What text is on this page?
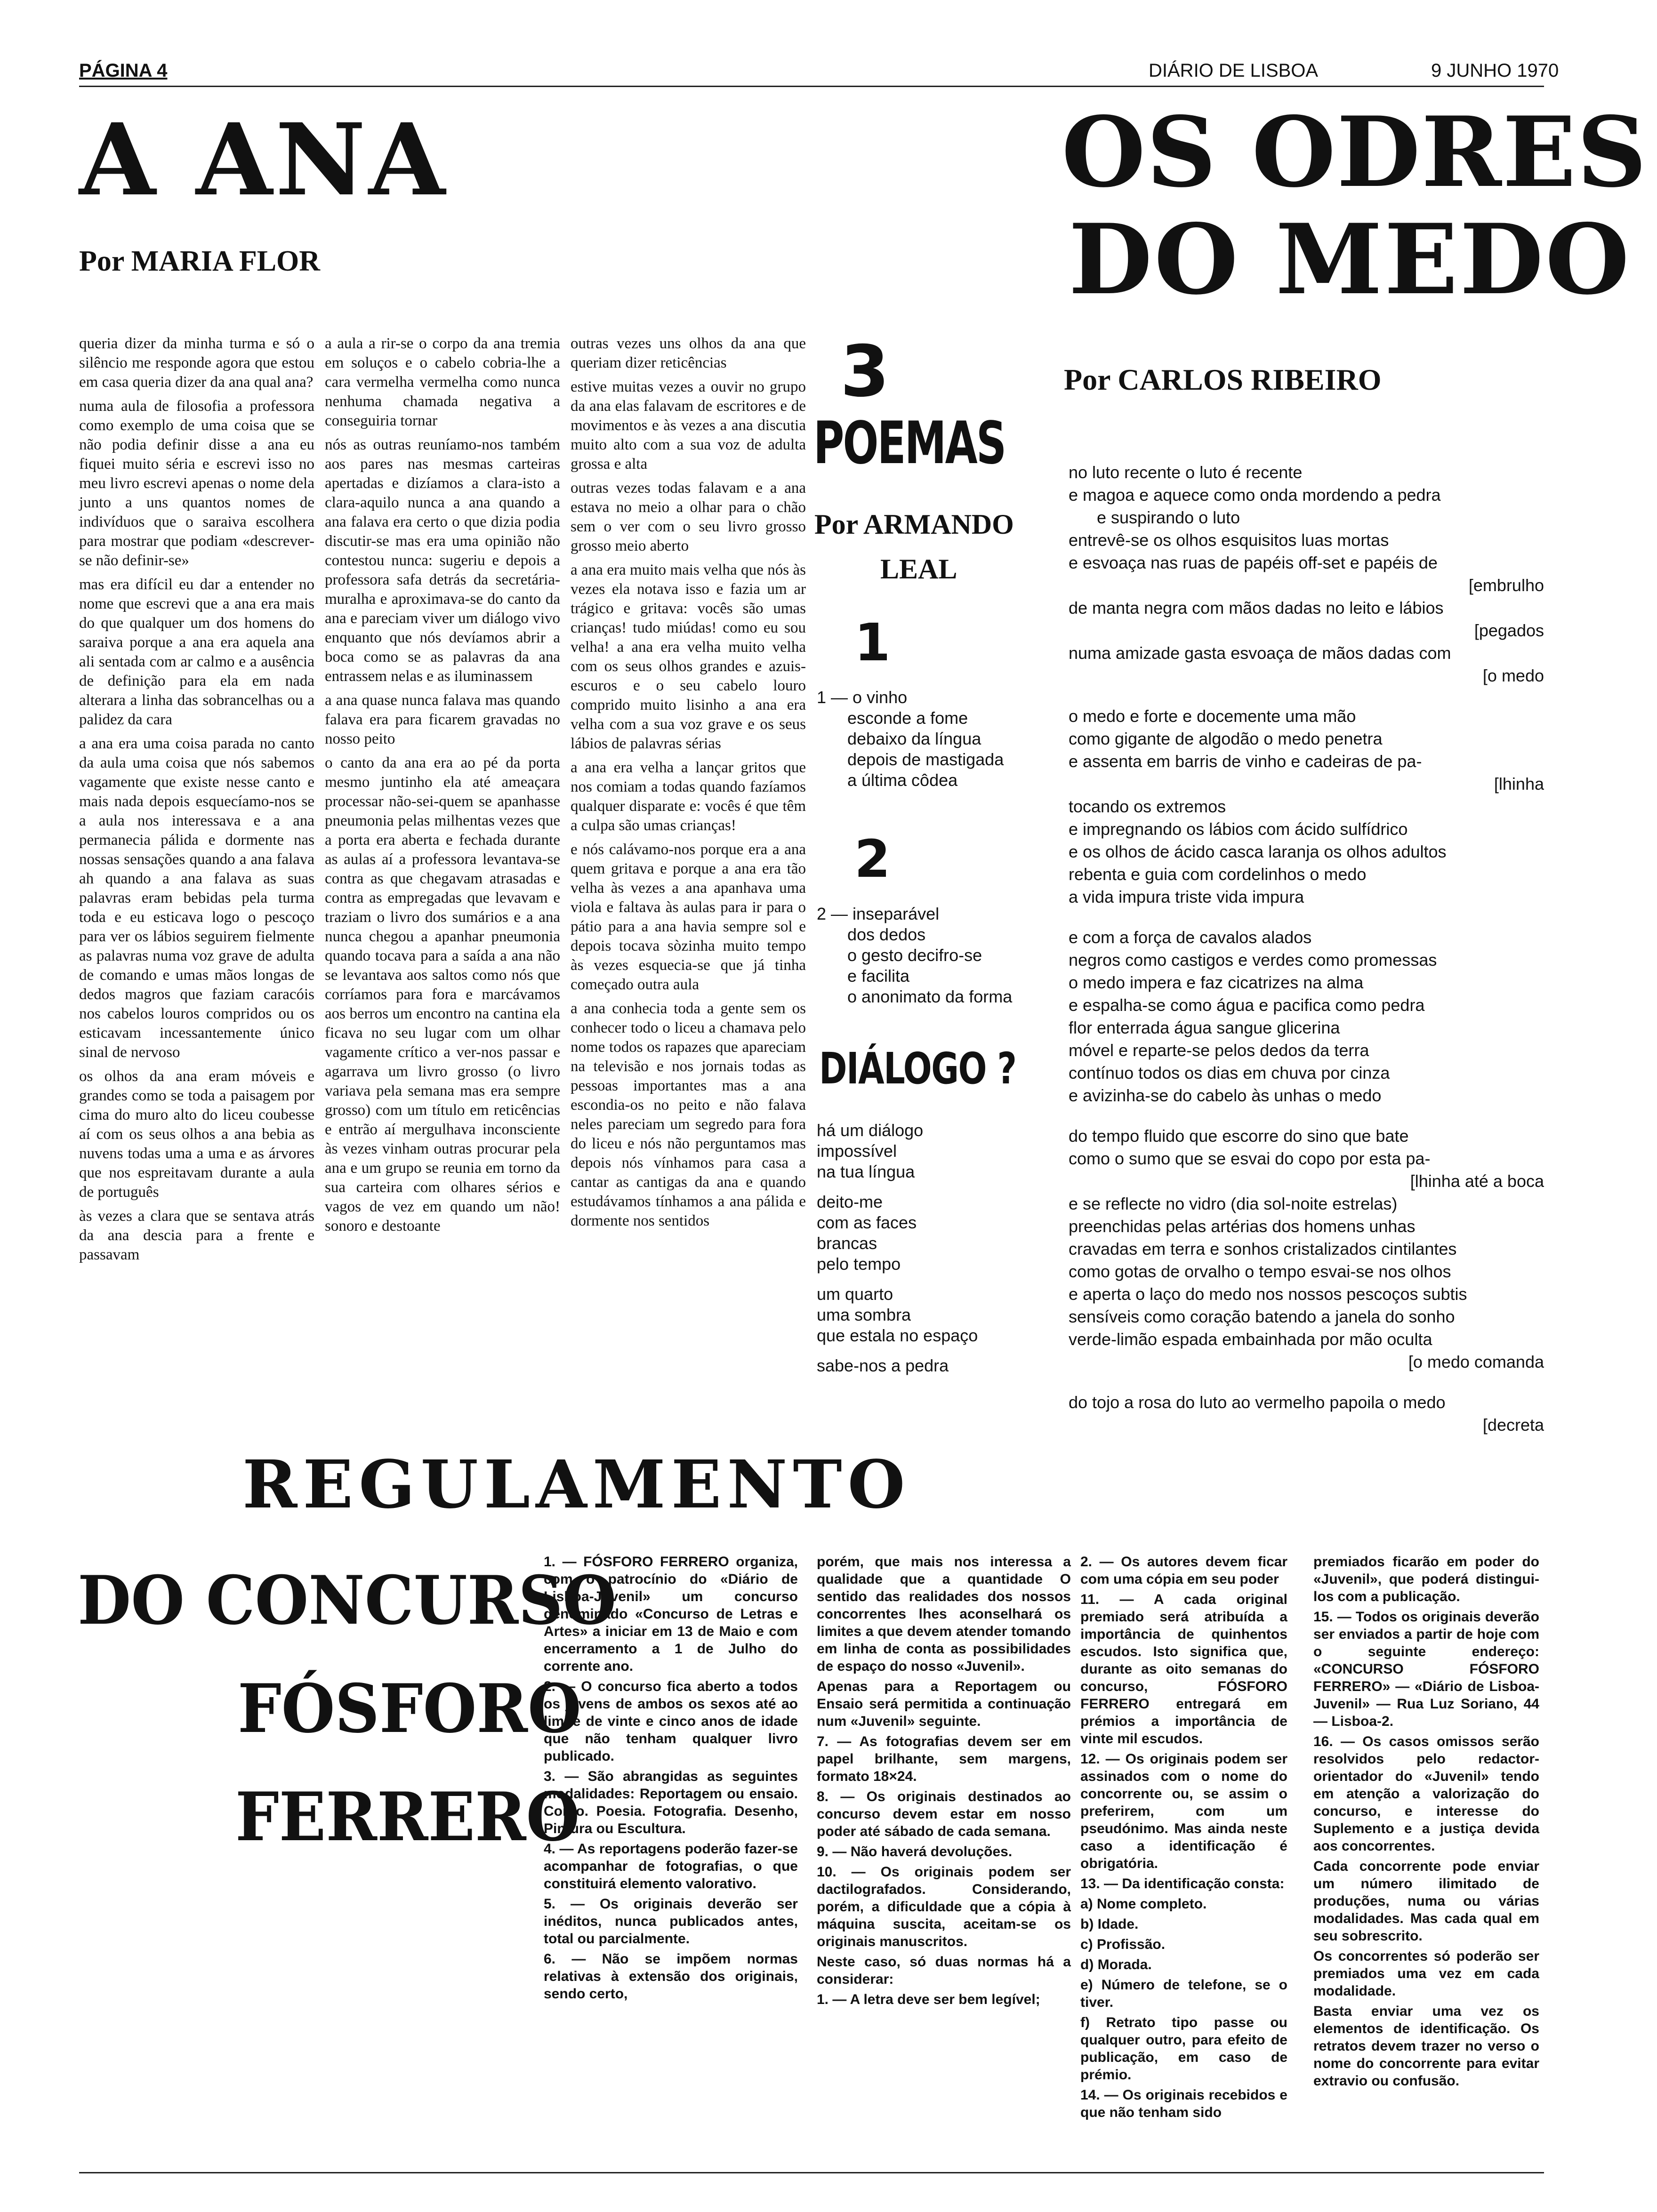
PÁGINA 4	DIÁRIO DE LISBOA	9 JUNHO 1970
A ANA
Por MARIA FLOR

queria dizer da minha turma e só o silêncio me responde agora que estou em casa queria dizer da ana qual ana?

numa aula de filosofia a professora como exemplo de uma coisa que se não podia definir disse a ana eu fiquei muito séria e escrevi isso no meu livro escrevi apenas o nome dela junto a uns quantos nomes de indivíduos que o saraiva escolhera para mostrar que podiam «descrever-se não definir-se»

mas era difícil eu dar a entender no nome que escrevi que a ana era mais do que qualquer um dos homens do saraiva porque a ana era aquela ana ali sentada com ar calmo e a ausência de definição para ela em nada alterara a linha das sobrancelhas ou a palidez da cara

a ana era uma coisa parada no canto da aula uma coisa que nós sabemos vagamente que existe nesse canto e mais nada depois esquecíamo-nos se a aula nos interessava e a ana permanecia pálida e dormente nas nossas sensações quando a ana falava ah quando a ana falava as suas palavras eram bebidas pela turma toda e eu esticava logo o pescoço para ver os lábios seguirem fielmente as palavras numa voz grave de adulta de comando e umas mãos longas de dedos magros que faziam caracóis nos cabelos louros compridos ou os esticavam incessantemente único sinal de nervoso

os olhos da ana eram móveis e grandes como se toda a paisagem por cima do muro alto do liceu coubesse aí com os seus olhos a ana bebia as nuvens todas uma a uma e as árvores que nos espreitavam durante a aula de português

às vezes a clara que se sentava atrás da ana descia para a frente e passavam

a aula a rir-se o corpo da ana tremia em soluços e o cabelo cobria-lhe a cara vermelha vermelha como nunca nenhuma chamada negativa a conseguiria tornar

nós as outras reuníamo-nos também aos pares nas mesmas carteiras apertadas e dizíamos a clara-isto a clara-aquilo nunca a ana quando a ana falava era certo o que dizia podia discutir-se mas era uma opinião não contestou nunca: sugeriu e depois a professora safa detrás da secretária-muralha e aproximava-se do canto da ana e pareciam viver um diálogo vivo enquanto que nós devíamos abrir a boca como se as palavras da ana entrassem nelas e as iluminassem

a ana quase nunca falava mas quando falava era para ficarem gravadas no nosso peito

o canto da ana era ao pé da porta mesmo juntinho ela até ameaçara processar não-sei-quem se apanhasse pneumonia pelas milhentas vezes que a porta era aberta e fechada durante as aulas aí a professora levantava-se contra as que chegavam atrasadas e contra as empregadas que levavam e traziam o livro dos sumários e a ana nunca chegou a apanhar pneumonia quando tocava para a saída a ana não se levantava aos saltos como nós que corríamos para fora e marcávamos aos berros um encontro na cantina ela ficava no seu lugar com um olhar vagamente crítico a ver-nos passar e agarrava um livro grosso (o livro variava pela semana mas era sempre grosso) com um título em reticências e entrão aí mergulhava inconsciente às vezes vinham outras procurar pela ana e um grupo se reunia em torno da sua carteira com olhares sérios e vagos de vez em quando um não! sonoro e destoante

outras vezes uns olhos da ana que queriam dizer reticências

estive muitas vezes a ouvir no grupo da ana elas falavam de escritores e de movimentos e às vezes a ana discutia muito alto com a sua voz de adulta grossa e alta

outras vezes todas falavam e a ana estava no meio a olhar para o chão sem o ver com o seu livro grosso grosso meio aberto

a ana era muito mais velha que nós às vezes ela notava isso e fazia um ar trágico e gritava: vocês são umas crianças! tudo miúdas! como eu sou velha! a ana era velha muito velha com os seus olhos grandes e azuis-escuros e o seu cabelo louro comprido muito lisinho a ana era velha com a sua voz grave e os seus lábios de palavras sérias

a ana era velha a lançar gritos que nos comiam a todas quando fazíamos qualquer disparate e: vocês é que têm a culpa são umas crianças!

e nós calávamo-nos porque era a ana quem gritava e porque a ana era tão velha às vezes a ana apanhava uma viola e faltava às aulas para ir para o pátio para a ana havia sempre sol e depois tocava sòzinha muito tempo às vezes esquecia-se que já tinha começado outra aula

a ana conhecia toda a gente sem os conhecer todo o liceu a chamava pelo nome todos os rapazes que apareciam na televisão e nos jornais todas as pessoas importantes mas a ana escondia-os no peito e não falava neles pareciam um segredo para fora do liceu e nós não perguntamos mas depois nós vínhamos para casa a cantar as cantigas da ana e quando estudávamos tínhamos a ana pálida e dormente nos sentidos

3
POEMAS
Por ARMANDO
LEAL
1
1 — o vinho
esconde a fome
debaixo da língua
depois de mastigada
a última côdea
2
2 — inseparável
dos dedos
o gesto decifro-se
e facilita
o anonimato da forma
DIÁLOGO ?
há um diálogo
impossível
na tua língua
deito-me
com as faces
brancas
pelo tempo
um quarto
uma sombra
que estala no espaço
sabe-nos a pedra
OS ODRES
DO MEDO
Por CARLOS RIBEIRO
no luto recente o luto é recente
e magoa e aquece como onda mordendo a pedra
e suspirando o luto
entrevê-se os olhos esquisitos luas mortas
e esvoaça nas ruas de papéis off-set e papéis de
[embrulho
de manta negra com mãos dadas no leito e lábios
[pegados
numa amizade gasta esvoaça de mãos dadas com
[o medo
o medo e forte e docemente uma mão
como gigante de algodão o medo penetra
e assenta em barris de vinho e cadeiras de pa-
[lhinha
tocando os extremos
e impregnando os lábios com ácido sulfídrico
e os olhos de ácido casca laranja os olhos adultos
rebenta e guia com cordelinhos o medo
a vida impura triste vida impura
e com a força de cavalos alados
negros como castigos e verdes como promessas
o medo impera e faz cicatrizes na alma
e espalha-se como água e pacifica como pedra
flor enterrada água sangue glicerina
móvel e reparte-se pelos dedos da terra
contínuo todos os dias em chuva por cinza
e avizinha-se do cabelo às unhas o medo
do tempo fluido que escorre do sino que bate
como o sumo que se esvai do copo por esta pa-
[lhinha até a boca
e se reflecte no vidro (dia sol-noite estrelas)
preenchidas pelas artérias dos homens unhas
cravadas em terra e sonhos cristalizados cintilantes
como gotas de orvalho o tempo esvai-se nos olhos
e aperta o laço do medo nos nossos pescoços subtis
sensíveis como coração batendo a janela do sonho
verde-limão espada embainhada por mão oculta
[o medo comanda
do tojo a rosa do luto ao vermelho papoila o medo
[decreta
REGULAMENTO
DO CONCURSO
FÓSFORO
FERRERO

1. — FÓSFORO FERRERO organiza, com o patrocínio do «Diário de Lisboa-Juvenil» um concurso denominado «Concurso de Letras e Artes» a iniciar em 13 de Maio e com encerramento a 1 de Julho do corrente ano.

2. — O concurso fica aberto a todos os jovens de ambos os sexos até ao limite de vinte e cinco anos de idade que não tenham qualquer livro publicado.

3. — São abrangidas as seguintes modalidades: Reportagem ou ensaio. Conto. Poesia. Fotografia. Desenho, Pintura ou Escultura.

4. — As reportagens poderão fazer-se acompanhar de fotografias, o que constituirá elemento valorativo.

5. — Os originais deverão ser inéditos, nunca publicados antes, total ou parcialmente.

6. — Não se impõem normas relativas à extensão dos originais, sendo certo,

porém, que mais nos interessa a qualidade que a quantidade O sentido das realidades dos nossos concorrentes lhes aconselhará os limites a que devem atender tomando em linha de conta as possibilidades de espaço do nosso «Juvenil».

Apenas para a Reportagem ou Ensaio será permitida a continuação num «Juvenil» seguinte.

7. — As fotografias devem ser em papel brilhante, sem margens, formato 18×24.

8. — Os originais destinados ao concurso devem estar em nosso poder até sábado de cada semana.

9. — Não haverá devoluções.

10. — Os originais podem ser dactilografados. Considerando, porém, a dificuldade que a cópia à máquina suscita, aceitam-se os originais manuscritos.

Neste caso, só duas normas há a considerar:

1. — A letra deve ser bem legível;

2. — Os autores devem ficar com uma cópia em seu poder

11. — A cada original premiado será atribuída a importância de quinhentos escudos. Isto significa que, durante as oito semanas do concurso, FÓSFORO FERRERO entregará em prémios a importância de vinte mil escudos.

12. — Os originais podem ser assinados com o nome do concorrente ou, se assim o preferirem, com um pseudónimo. Mas ainda neste caso a identificação é obrigatória.

13. — Da identificação consta:

a) Nome completo.

b) Idade.

c) Profissão.

d) Morada.

e) Número de telefone, se o tiver.

f) Retrato tipo passe ou qualquer outro, para efeito de publicação, em caso de prémio.

14. — Os originais recebidos e que não tenham sido

premiados ficarão em poder do «Juvenil», que poderá distingui-los com a publicação.

15. — Todos os originais deverão ser enviados a partir de hoje com o seguinte endereço: «CONCURSO FÓSFORO FERRERO» — «Diário de Lisboa-Juvenil» — Rua Luz Soriano, 44 — Lisboa-2.

16. — Os casos omissos serão resolvidos pelo redactor-orientador do «Juvenil» tendo em atenção a valorização do concurso, e interesse do Suplemento e a justiça devida aos concorrentes.

Cada concorrente pode enviar um número ilimitado de produções, numa ou várias modalidades. Mas cada qual em seu sobrescrito.

Os concorrentes só poderão ser premiados uma vez em cada modalidade.

Basta enviar uma vez os elementos de identificação. Os retratos devem trazer no verso o nome do concorrente para evitar extravio ou confusão.
